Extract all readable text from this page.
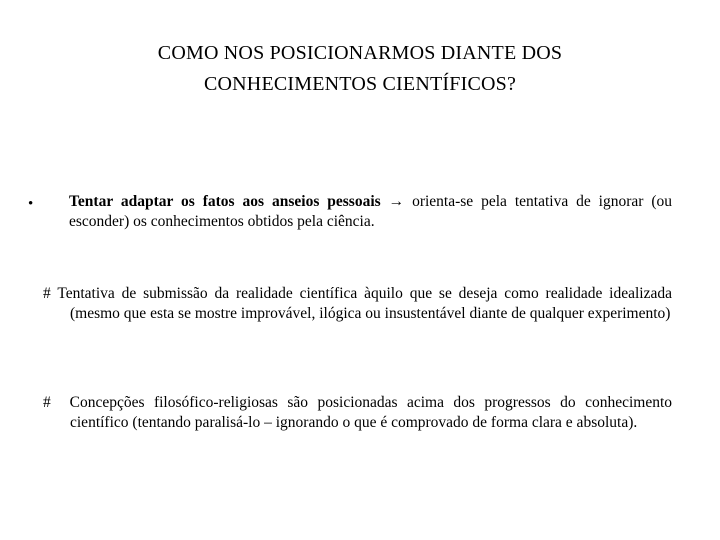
COMO NOS POSICIONARMOS DIANTE DOS
CONHECIMENTOS CIENTÍFICOS?
• Tentar adaptar os fatos aos anseios pessoais → orienta-se pela tentativa de ignorar (ou esconder) os conhecimentos obtidos pela ciência.
# Tentativa de submissão da realidade científica àquilo que se deseja como realidade idealizada (mesmo que esta se mostre improvável, ilógica ou insustentável diante de qualquer experimento)
# Concepções filosófico-religiosas são posicionadas acima dos progressos do conhecimento científico (tentando paralisá-lo – ignorando o que é comprovado de forma clara e absoluta).
